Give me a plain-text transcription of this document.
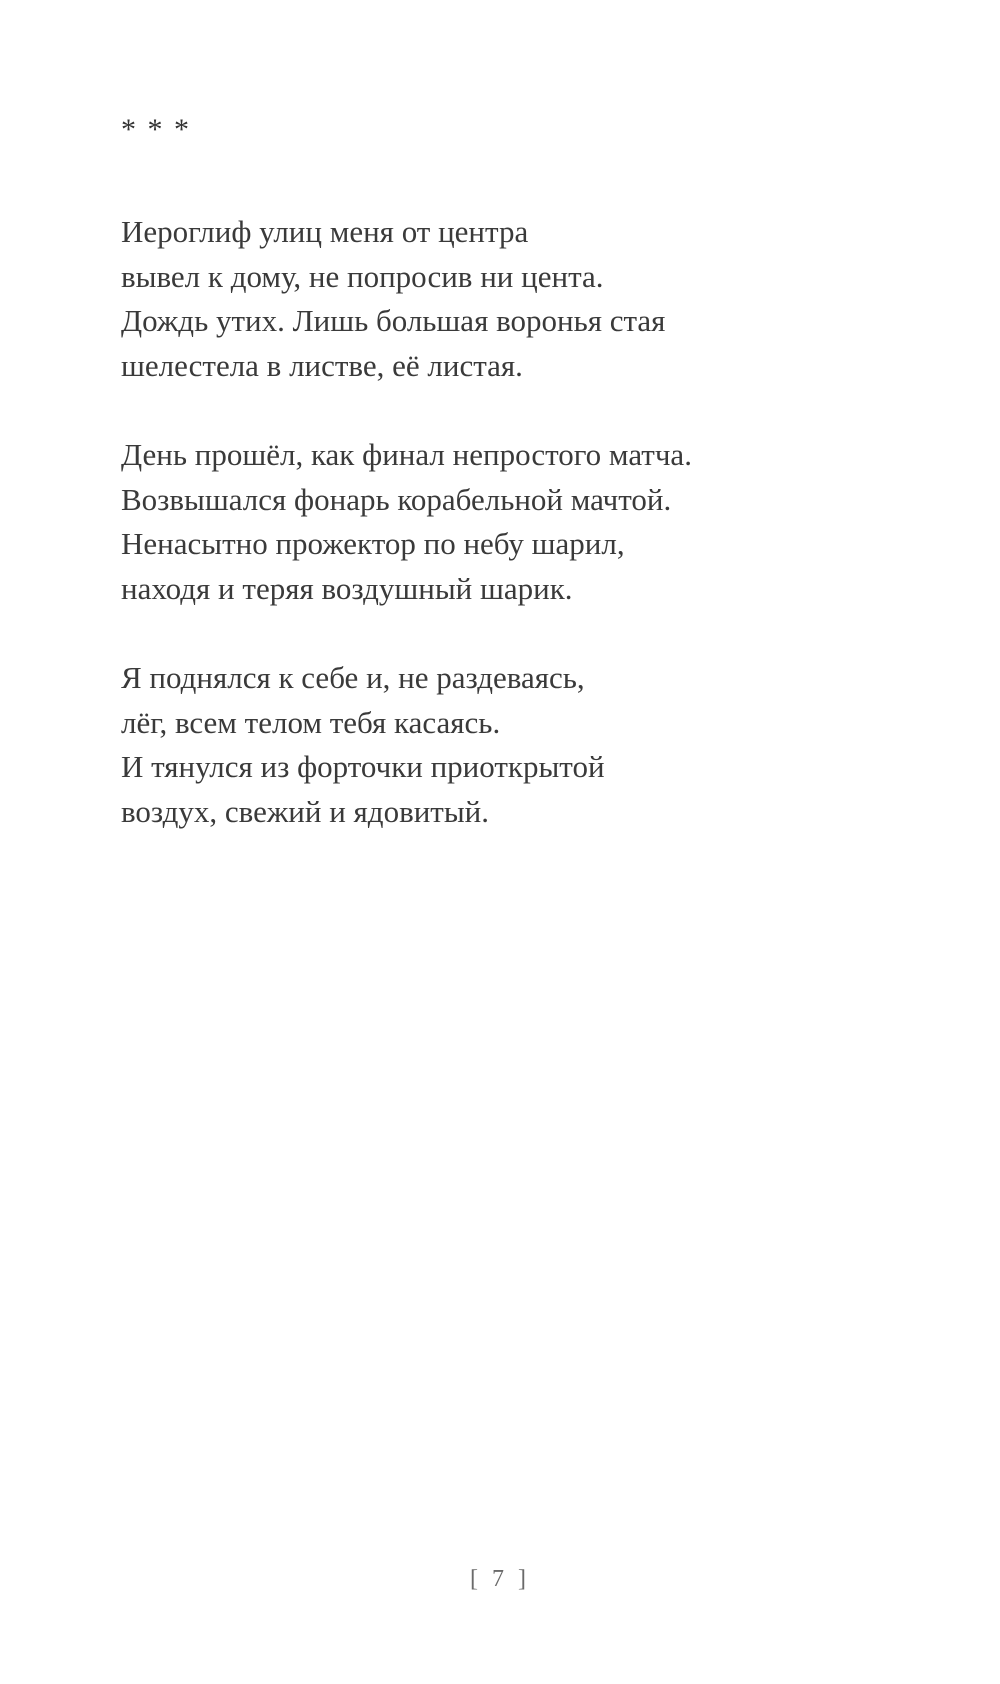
* * *
Иероглиф улиц меня от центра
вывел к дому, не попросив ни цента.
Дождь утих. Лишь большая воронья стая
шелестела в листве, её листая.
День прошёл, как финал непростого матча.
Возвышался фонарь корабельной мачтой.
Ненасытно прожектор по небу шарил,
находя и теряя воздушный шарик.
Я поднялся к себе и, не раздеваясь,
лёг, всем телом тебя касаясь.
И тянулся из форточки приоткрытой
воздух, свежий и ядовитый.
[ 7 ]
